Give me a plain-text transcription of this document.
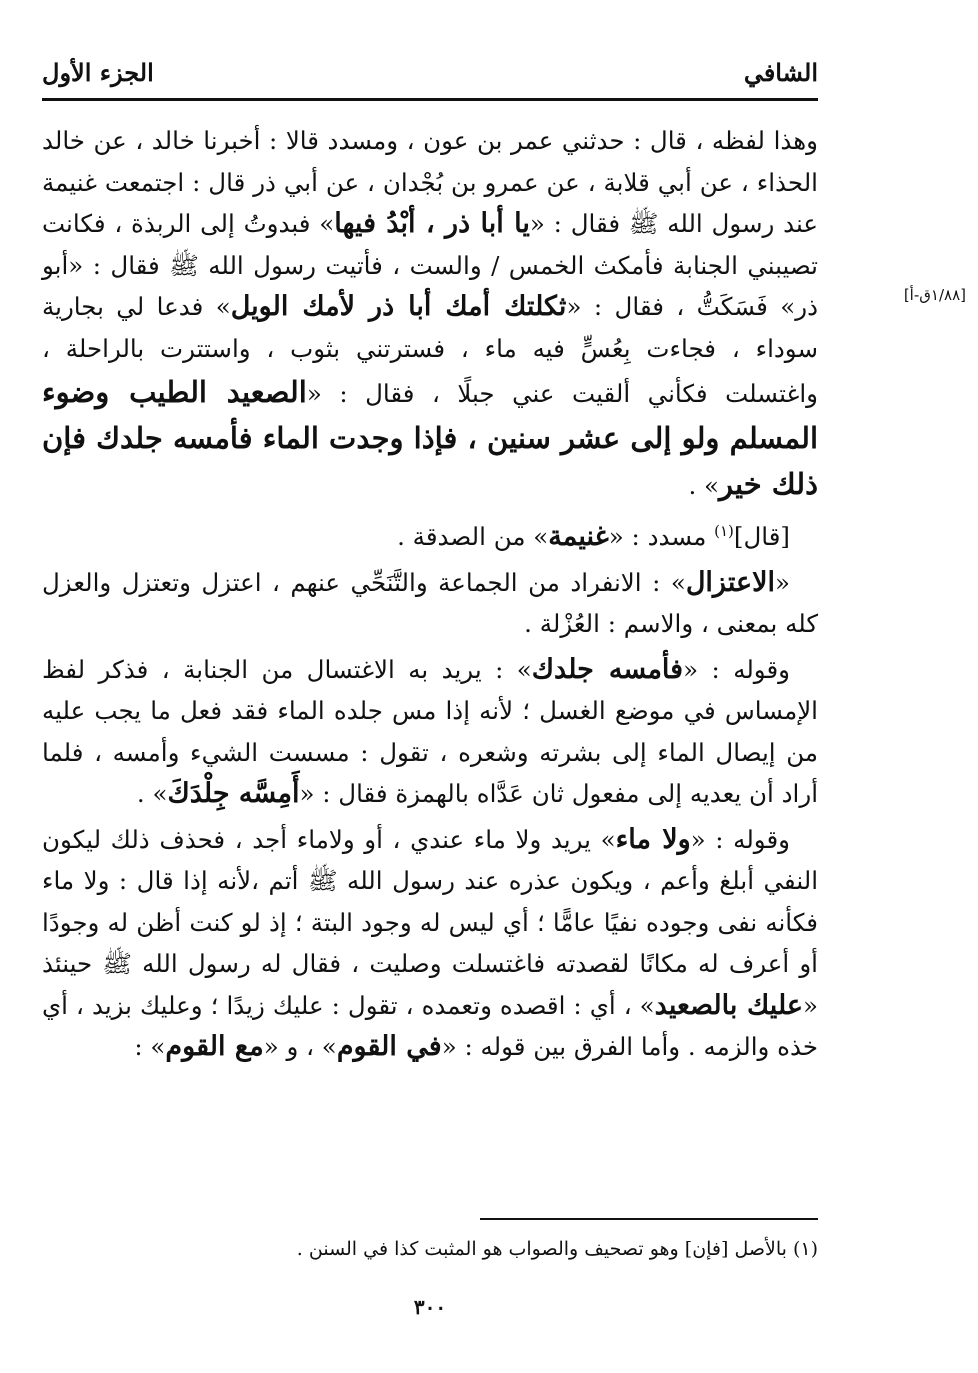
الشافي
الجزء الأول
[١/٨٨ق-أ]

وهذا لفظه ، قال : حدثني عمر بن عون ، ومسدد قالا : أخبرنا خالد ، عن خالد الحذاء ، عن أبي قلابة ، عن عمرو بن بُجْدان ، عن أبي ذر قال : اجتمعت غنيمة عند رسول الله ﷺ فقال : «يا أبا ذر ، أبْدُ فيها» فبدوتُ إلى الربذة ، فكانت تصيبني الجنابة فأمكث الخمس / والست ، فأتيت رسول الله ﷺ فقال : «أبو ذر» فَسَكَتُّ ، فقال : «ثكلتك أمك أبا ذر لأمك الويل» فدعا لي بجارية سوداء ، فجاءت بِعُسٍّ فيه ماء ، فسترتني بثوب ، واستترت بالراحلة ، واغتسلت فكأني ألقيت عني جبلًا ، فقال : «الصعيد الطيب وضوء المسلم ولو إلى عشر سنين ، فإذا وجدت الماء فأمسه جلدك فإن ذلك خير» .

[قال]$^{(١)}$ مسدد : «غنيمة» من الصدقة .

«الاعتزال» : الانفراد من الجماعة والتَّنَحِّي عنهم ، اعتزل وتعتزل والعزل كله بمعنى ، والاسم : العُزْلة .

وقوله : «فأمسه جلدك» : يريد به الاغتسال من الجنابة ، فذكر لفظ الإمساس في موضع الغسل ؛ لأنه إذا مس جلده الماء فقد فعل ما يجب عليه من إيصال الماء إلى بشرته وشعره ، تقول : مسست الشيء وأمسه ، فلما أراد أن يعديه إلى مفعول ثان عَدَّاه بالهمزة فقال : «أَمِسَّه جِلْدَكَ» .

وقوله : «ولا ماء» يريد ولا ماء عندي ، أو ولاماء أجد ، فحذف ذلك ليكون النفي أبلغ وأعم ، ويكون عذره عند رسول الله ﷺ أتم ،لأنه إذا قال : ولا ماء فكأنه نفى وجوده نفيًا عامًّا ؛ أي ليس له وجود البتة ؛ إذ لو كنت أظن له وجودًا أو أعرف له مكانًا لقصدته فاغتسلت وصليت ، فقال له رسول الله ﷺ حينئذ «عليك بالصعيد» ، أي : اقصده وتعمده ، تقول : عليك زيدًا ؛ وعليك بزيد ، أي خذه والزمه . وأما الفرق بين قوله : «في القوم» ، و «مع القوم» :

(١) بالأصل [فإن] وهو تصحيف والصواب هو المثبت كذا في السنن .
٣٠٠
